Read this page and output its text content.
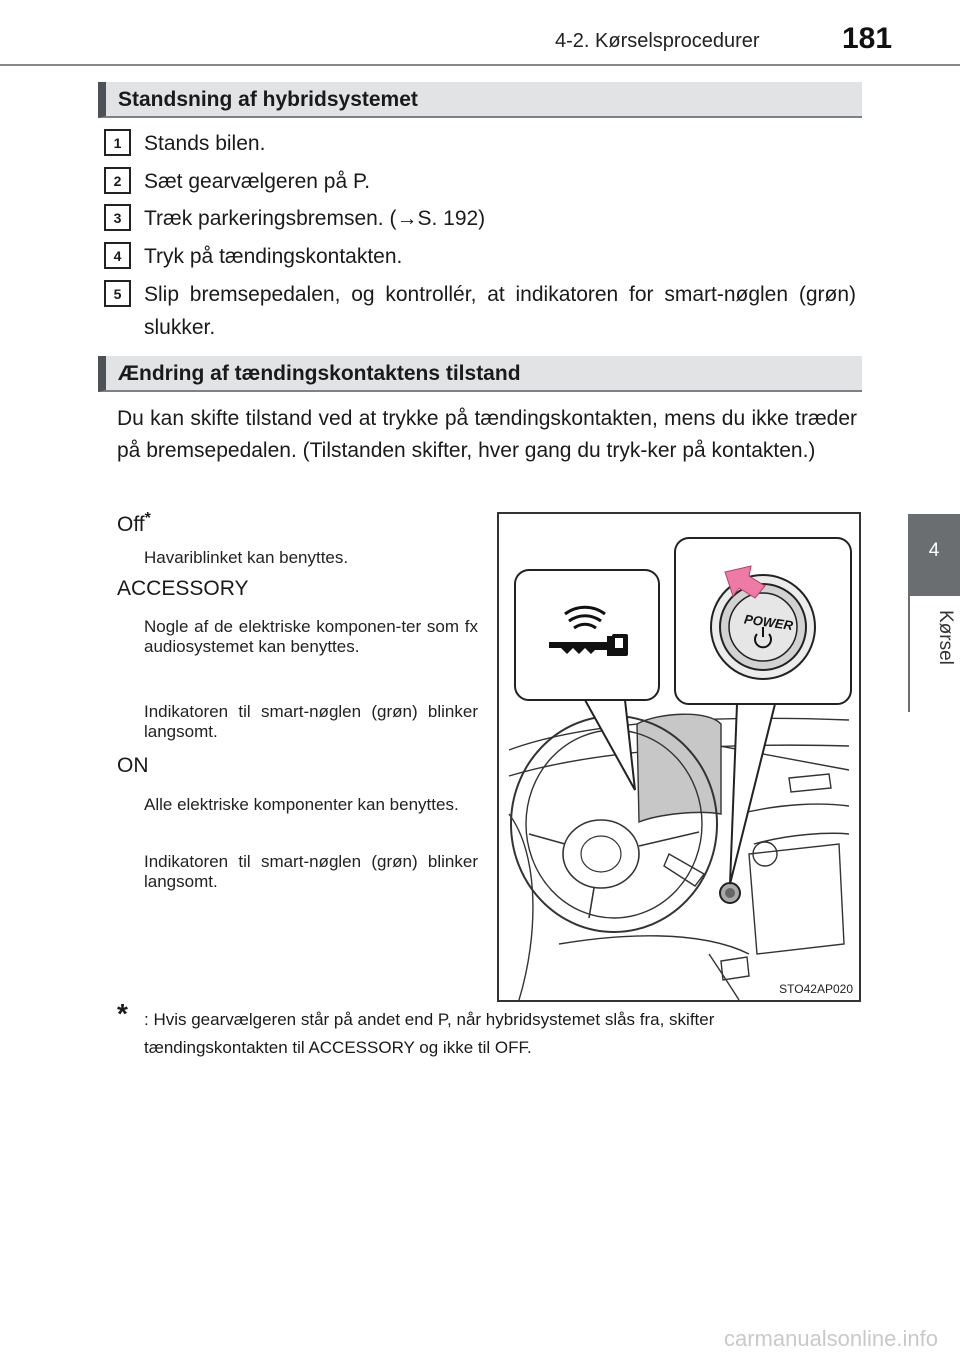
4-2. Kørselsprocedurer	181
4
Kørsel
Standsning af hybridsystemet
1	Stands bilen.
2	Sæt gearvælgeren på P.
3	Træk parkeringsbremsen. (→S. 192)
4	Tryk på tændingskontakten.
5	Slip bremsepedalen, og kontrollér, at indikatoren for smart-nøglen (grøn) slukker.
Ændring af tændingskontaktens tilstand
Du kan skifte tilstand ved at trykke på tændingskontakten, mens du ikke træder på bremsepedalen. (Tilstanden skifter, hver gang du tryk-ker på kontakten.)
Off*
Havariblinket kan benyttes.
ACCESSORY
Nogle af de elektriske komponen-ter som fx audiosystemet kan benyttes.
Indikatoren til smart-nøglen (grøn) blinker langsomt.
ON
Alle elektriske komponenter kan benyttes.
Indikatoren til smart-nøglen (grøn) blinker langsomt.
POWER
STO42AP020
* : Hvis gearvælgeren står på andet end P, når hybridsystemet slås fra, skifter tændingskontakten til ACCESSORY og ikke til OFF.
carmanualsonline.info
